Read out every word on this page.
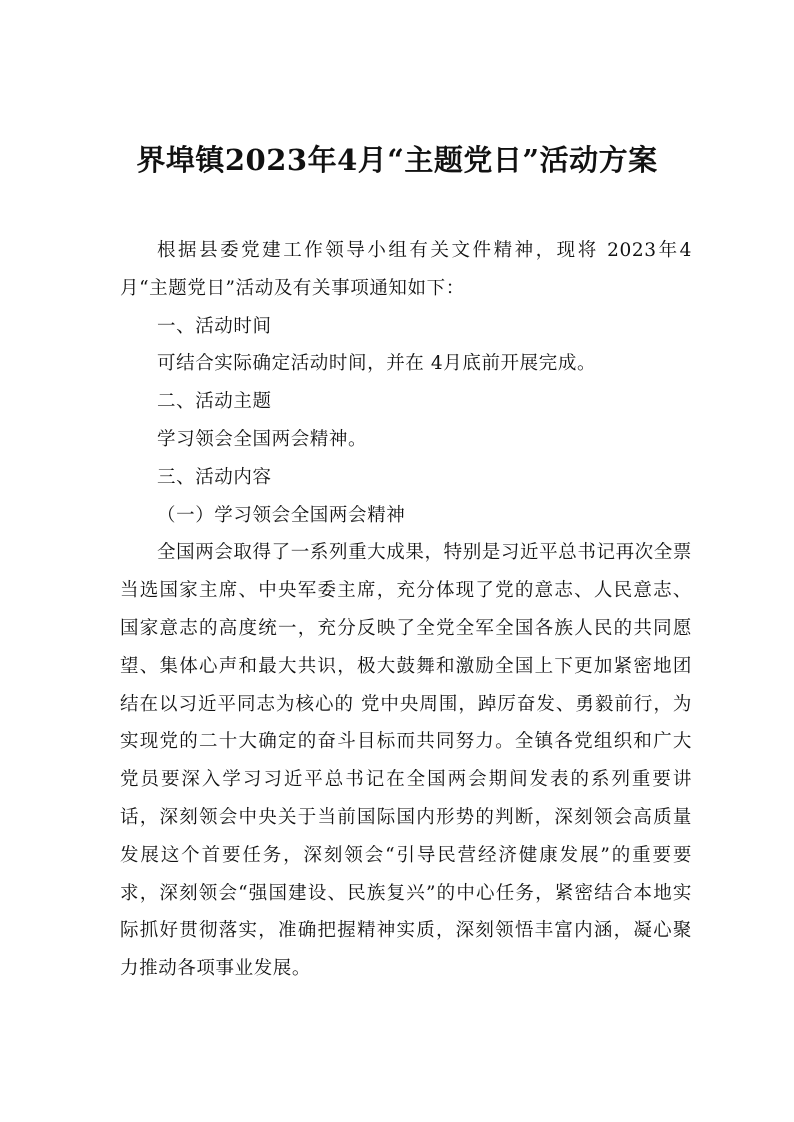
界埠镇2023年4月“主题党日”活动方案

根据县委党建工作领导小组有关文件精神，现将 2023年4月“主题党日”活动及有关事项通知如下：

一、活动时间

可结合实际确定活动时间，并在 4月底前开展完成。

二、活动主题

学习领会全国两会精神。

三、活动内容

（一）学习领会全国两会精神

全国两会取得了一系列重大成果，特别是习近平总书记再次全票当选国家主席、中央军委主席，充分体现了党的意志、人民意志、国家意志的高度统一，充分反映了全党全军全国各族人民的共同愿望、集体心声和最大共识，极大鼓舞和激励全国上下更加紧密地团结在以习近平同志为核心的 党中央周围，踔厉奋发、勇毅前行，为实现党的二十大确定的奋斗目标而共同努力。全镇各党组织和广大党员要深入学习习近平总书记在全国两会期间发表的系列重要讲话，深刻领会中央关于当前国际国内形势的判断，深刻领会高质量发展这个首要任务，深刻领会“引导民营经济健康发展”的重要要求，深刻领会“强国建设、民族复兴”的中心任务，紧密结合本地实际抓好贯彻落实，准确把握精神实质，深刻领悟丰富内涵，凝心聚力推动各项事业发展。
